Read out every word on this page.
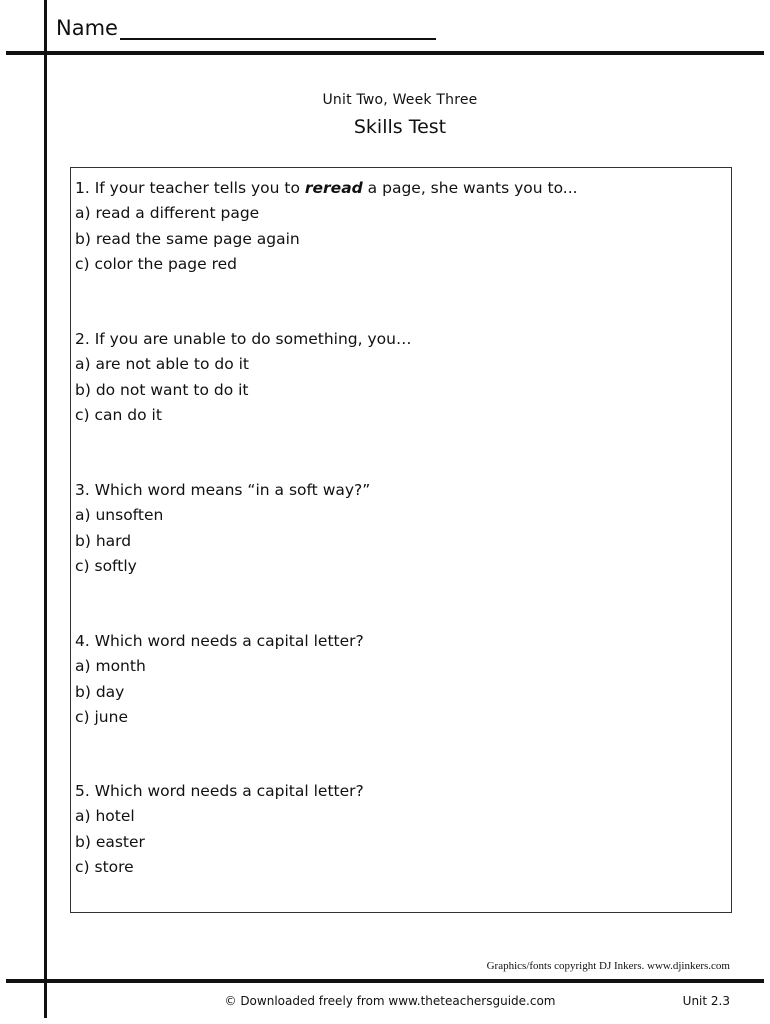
Name
Unit Two, Week Three
Skills Test
1. If your teacher tells you to reread a page, she wants you to...
a) read a different page
b) read the same page again
c) color the page red
2. If you are unable to do something, you…
a) are not able to do it
b) do not want to do it
c) can do it
3. Which word means “in a soft way?”
a) unsoften
b) hard
c) softly
4. Which word needs a capital letter?
a) month
b) day
c) june
5. Which word needs a capital letter?
a) hotel
b) easter
c) store
Graphics/fonts copyright DJ Inkers. www.djinkers.com
© Downloaded freely from www.theteachersguide.com	Unit 2.3
